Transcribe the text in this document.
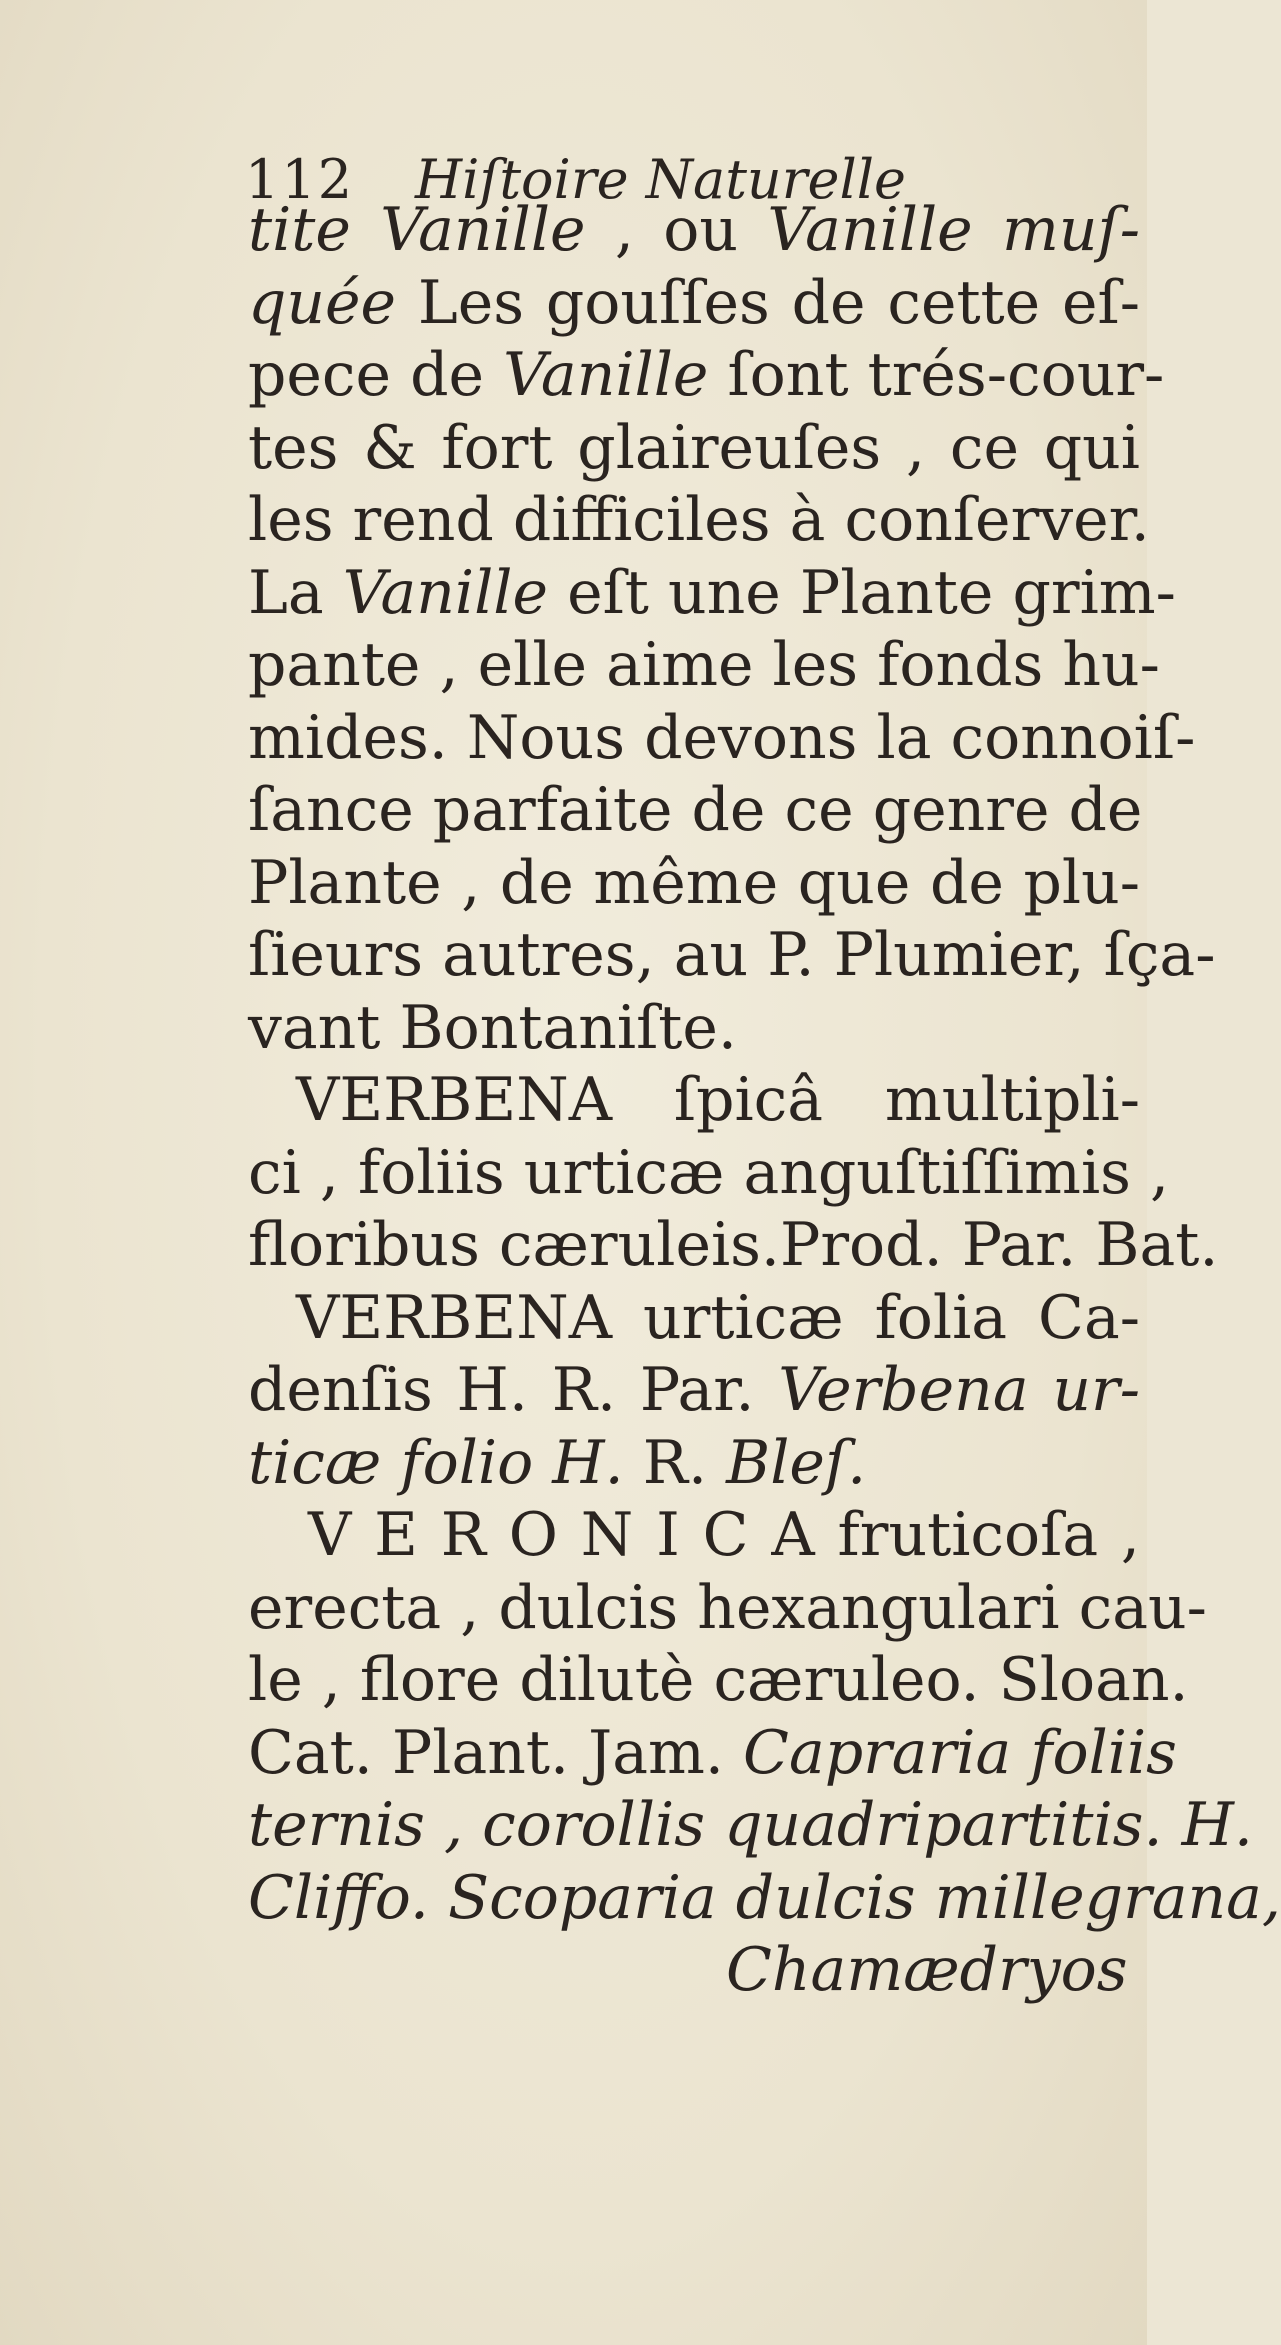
112	Hiſtoire Naturelle
tite Vanille , ou Vanille muſ-
quée Les gouſſes de cette eſ-
pece de Vanille ſont trés-cour-
tes & fort glaireuſes , ce qui
les rend difficiles à conſerver.
La Vanille eſt une Plante grim-
pante , elle aime les fonds hu-
mides. Nous devons la connoiſ-
ſance parfaite de ce genre de
Plante , de même que de plu-
ſieurs autres, au P. Plumier, ſça-
vant Bontaniſte.
VERBENA ſpicâ multipli-
ci , foliis urticæ anguſtiſſimis ,
floribus cæruleis.Prod. Par. Bat.
VERBENA urticæ folia Ca-
denſis H. R. Par. Verbena ur-
ticæ folio H. R. Bleſ.
V E R O N I C A fruticoſa ,
erecta , dulcis hexangulari cau-
le , flore dilutè cæruleo. Sloan.
Cat. Plant. Jam. Capraria foliis
ternis , corollis quadripartitis. H.
Cliffo. Scoparia dulcis millegrana,
Chamædryos
